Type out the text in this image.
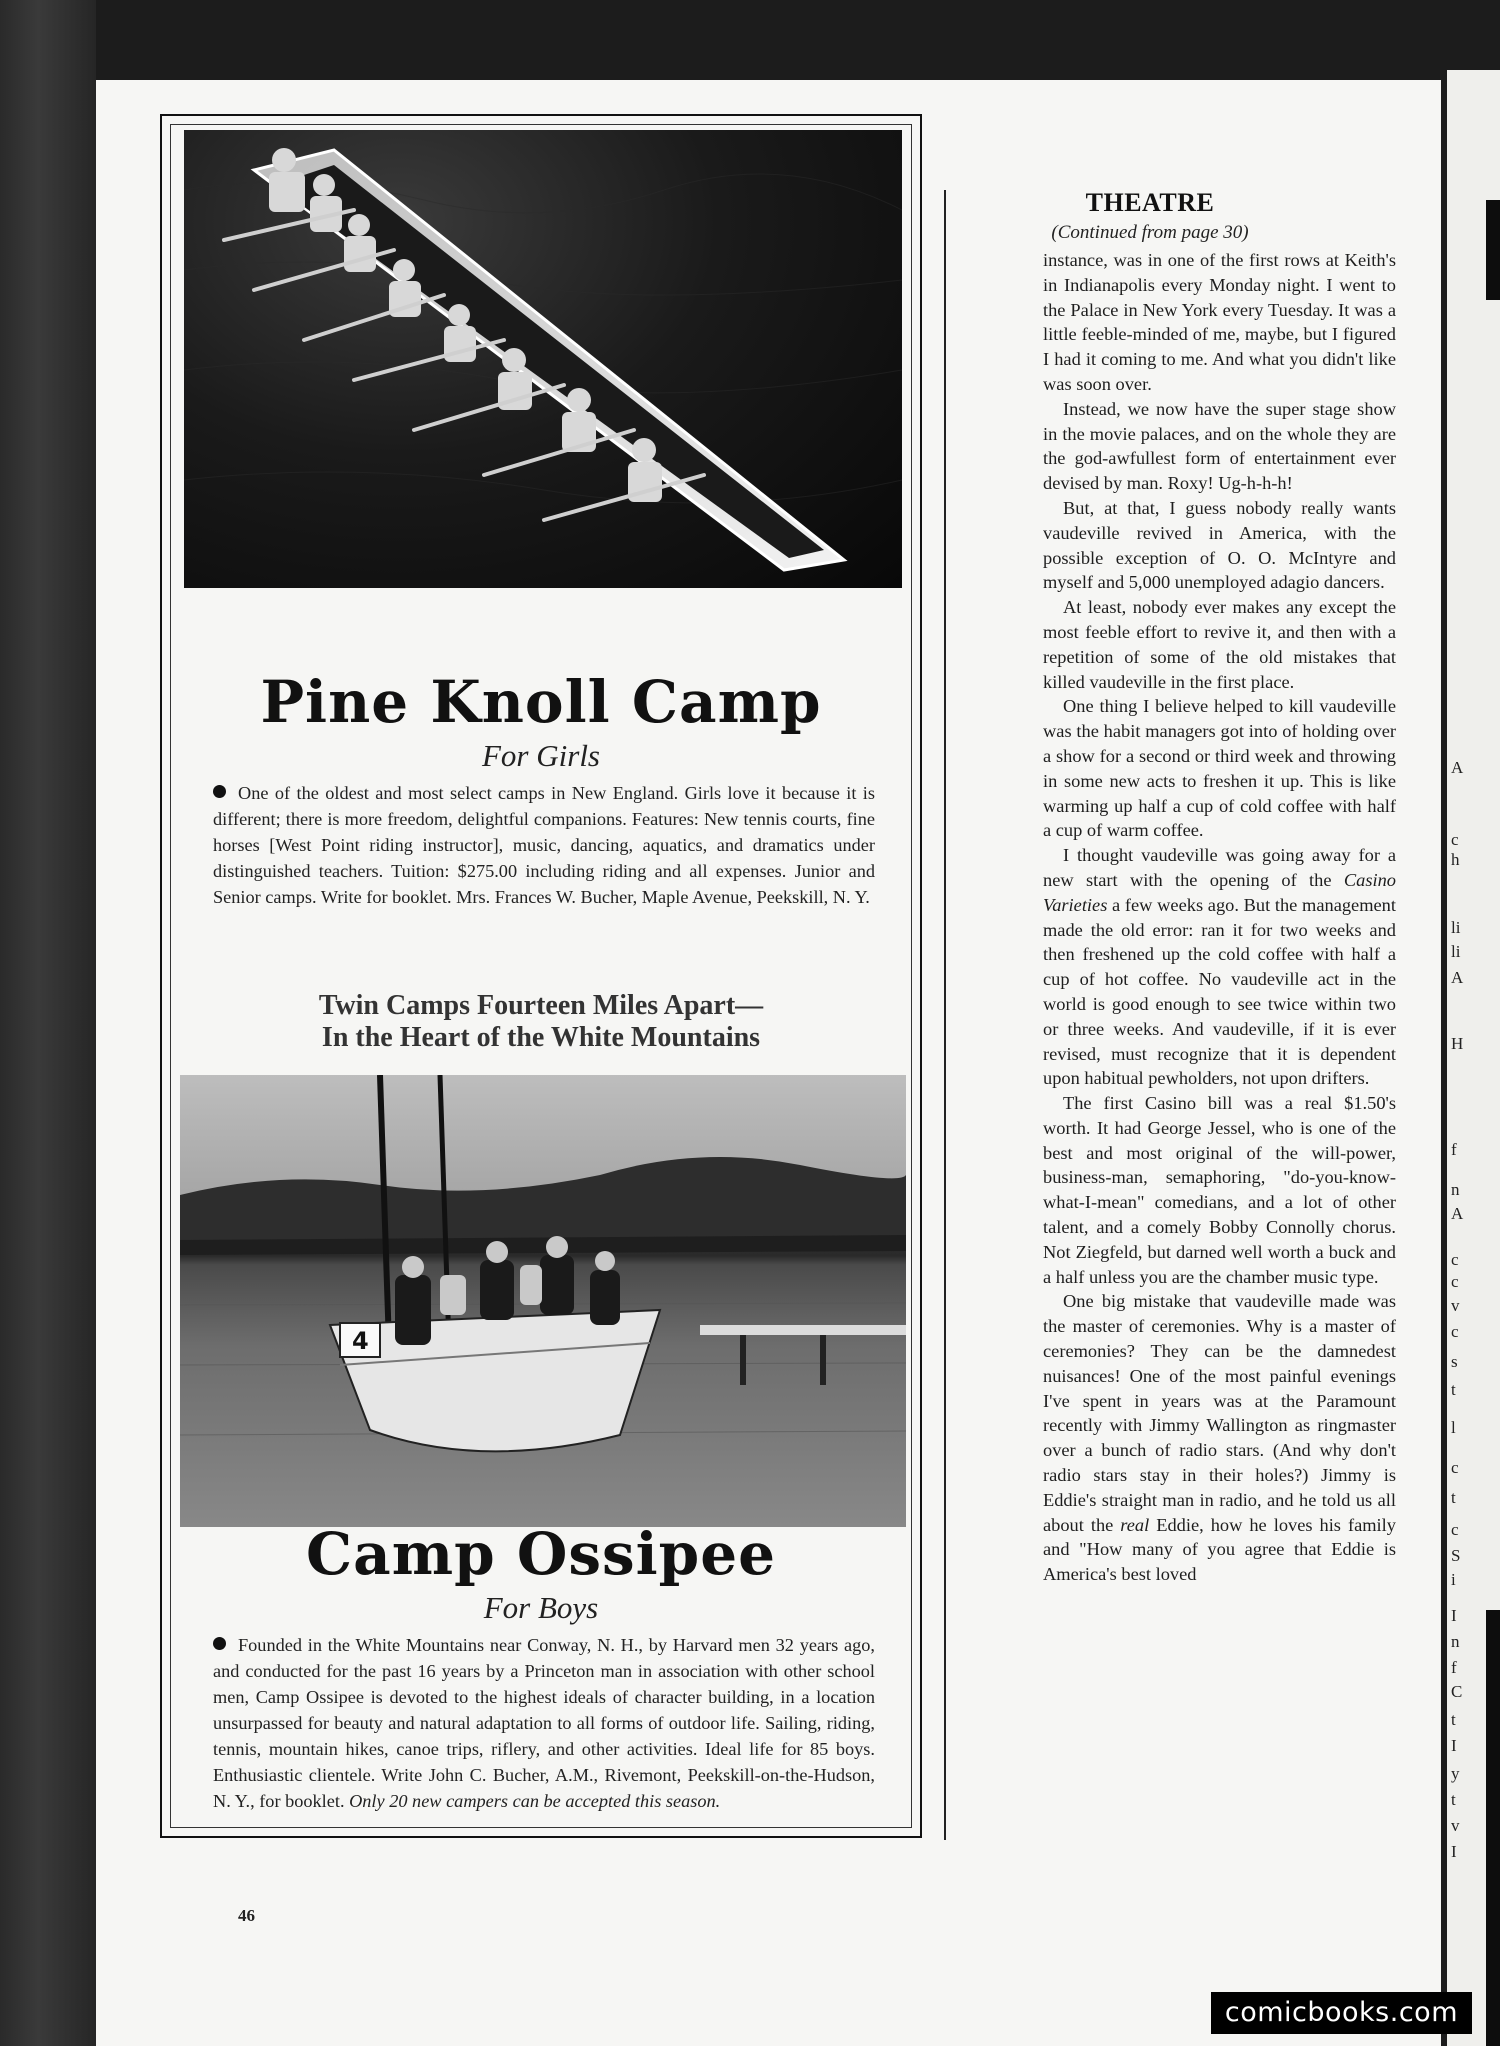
A
c
h
li
li
A
H
f
n
A
c
c
v
c
s
t
l
c
t
c
S
i
I
n
f
C
t
I
y
t
v
I
Pine Knoll Camp
For Girls
One of the oldest and most select camps in New England. Girls love it because it is different; there is more freedom, delightful companions. Features: New tennis courts, fine horses [West Point riding instructor], music, dancing, aquatics, and dramatics under distinguished teachers. Tuition: $275.00 including riding and all expenses. Junior and Senior camps. Write for booklet. Mrs. Frances W. Bucher, Maple Avenue, Peekskill, N. Y.
Twin Camps Fourteen Miles Apart—
In the Heart of the White Mountains
4
Camp Ossipee
For Boys
Founded in the White Mountains near Conway, N. H., by Harvard men 32 years ago, and conducted for the past 16 years by a Princeton man in association with other school men, Camp Ossipee is devoted to the highest ideals of character building, in a location unsurpassed for beauty and natural adaptation to all forms of outdoor life. Sailing, riding, tennis, mountain hikes, canoe trips, riflery, and other activities. Ideal life for 85 boys. Enthusiastic clientele. Write John C. Bucher, A.M., Rivemont, Peekskill-on-the-Hudson, N. Y., for booklet. Only 20 new campers can be accepted this season.
THEATRE
(Continued from page 30)

instance, was in one of the first rows at Keith's in Indianapolis every Monday night. I went to the Palace in New York every Tuesday. It was a little feeble-minded of me, maybe, but I figured I had it coming to me. And what you didn't like was soon over.

Instead, we now have the super stage show in the movie palaces, and on the whole they are the god-awfullest form of entertainment ever devised by man. Roxy! Ug-h-h-h!

But, at that, I guess nobody really wants vaudeville revived in America, with the possible exception of O. O. McIntyre and myself and 5,000 unemployed adagio dancers.

At least, nobody ever makes any except the most feeble effort to revive it, and then with a repetition of some of the old mistakes that killed vaudeville in the first place.

One thing I believe helped to kill vaudeville was the habit managers got into of holding over a show for a second or third week and throwing in some new acts to freshen it up. This is like warming up half a cup of cold coffee with half a cup of warm coffee.

I thought vaudeville was going away for a new start with the opening of the Casino Varieties a few weeks ago. But the management made the old error: ran it for two weeks and then freshened up the cold coffee with half a cup of hot coffee. No vaudeville act in the world is good enough to see twice within two or three weeks. And vaudeville, if it is ever revised, must recognize that it is dependent upon habitual pewholders, not upon drifters.

The first Casino bill was a real $1.50's worth. It had George Jessel, who is one of the best and most original of the will-power, business-man, semaphoring, "do-you-know-what-I-mean" comedians, and a lot of other talent, and a comely Bobby Connolly chorus. Not Ziegfeld, but darned well worth a buck and a half unless you are the chamber music type.

One big mistake that vaudeville made was the master of ceremonies. Why is a master of ceremonies? They can be the damnedest nuisances! One of the most painful evenings I've spent in years was at the Paramount recently with Jimmy Wallington as ringmaster over a bunch of radio stars. (And why don't radio stars stay in their holes?) Jimmy is Eddie's straight man in radio, and he told us all about the real Eddie, how he loves his family and "How many of you agree that Eddie is America's best loved

46
comicbooks.com
